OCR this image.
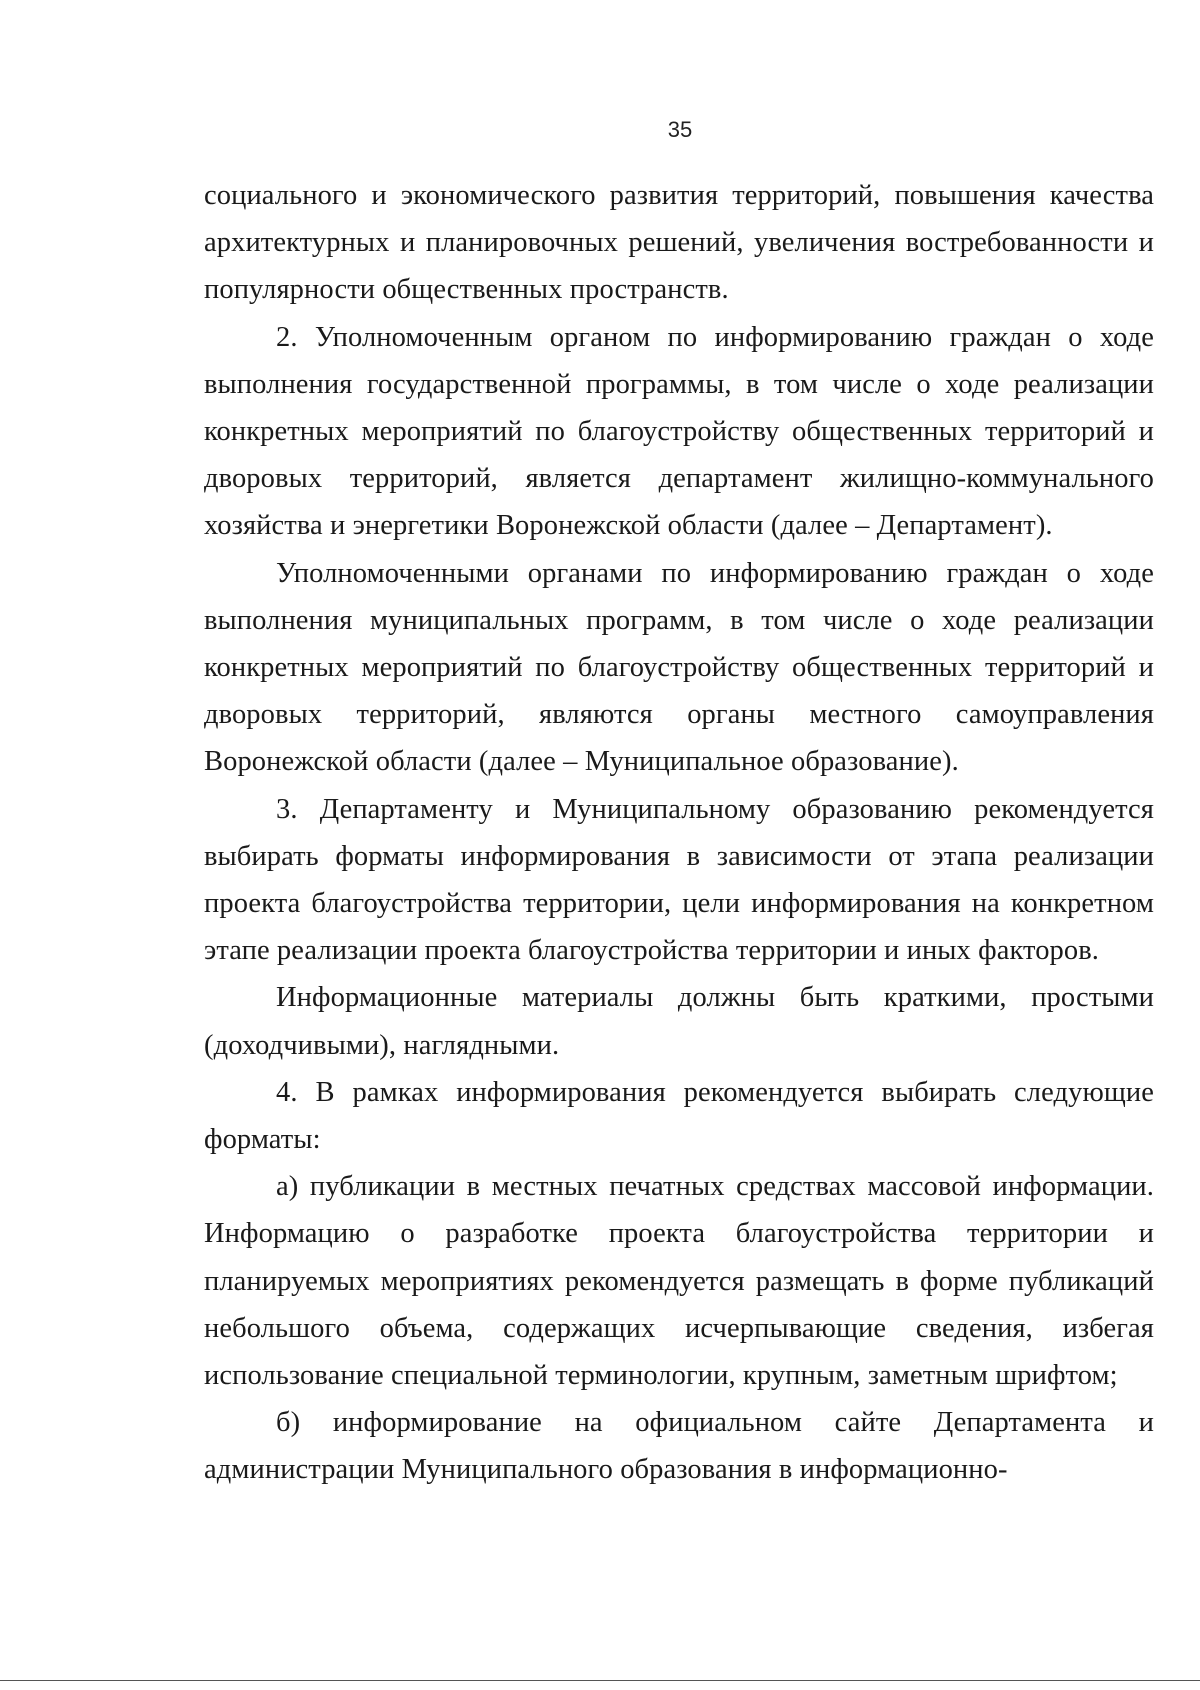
35

социального и экономического развития территорий, повышения качества архитектурных и планировочных решений, увеличения востребованности и популярности общественных пространств.

2. Уполномоченным органом по информированию граждан о ходе выполнения государственной программы, в том числе о ходе реализации конкретных мероприятий по благоустройству общественных территорий и дворовых территорий, является департамент жилищно-коммунального хозяйства и энергетики Воронежской области (далее – Департамент).

Уполномоченными органами по информированию граждан о ходе выполнения муниципальных программ, в том числе о ходе реализации конкретных мероприятий по благоустройству общественных территорий и дворовых территорий, являются органы местного самоуправления Воронежской области (далее – Муниципальное образование).

3. Департаменту и Муниципальному образованию рекомендуется выбирать форматы информирования в зависимости от этапа реализации проекта благоустройства территории, цели информирования на конкретном этапе реализации проекта благоустройства территории и иных факторов.

Информационные материалы должны быть краткими, простыми (доходчивыми), наглядными.

4. В рамках информирования рекомендуется выбирать следующие форматы:

а) публикации в местных печатных средствах массовой информации. Информацию о разработке проекта благоустройства территории и планируемых мероприятиях рекомендуется размещать в форме публикаций небольшого объема, содержащих исчерпывающие сведения, избегая использование специальной терминологии, крупным, заметным шрифтом;

б) информирование на официальном сайте Департамента и администрации Муниципального образования в информационно-
